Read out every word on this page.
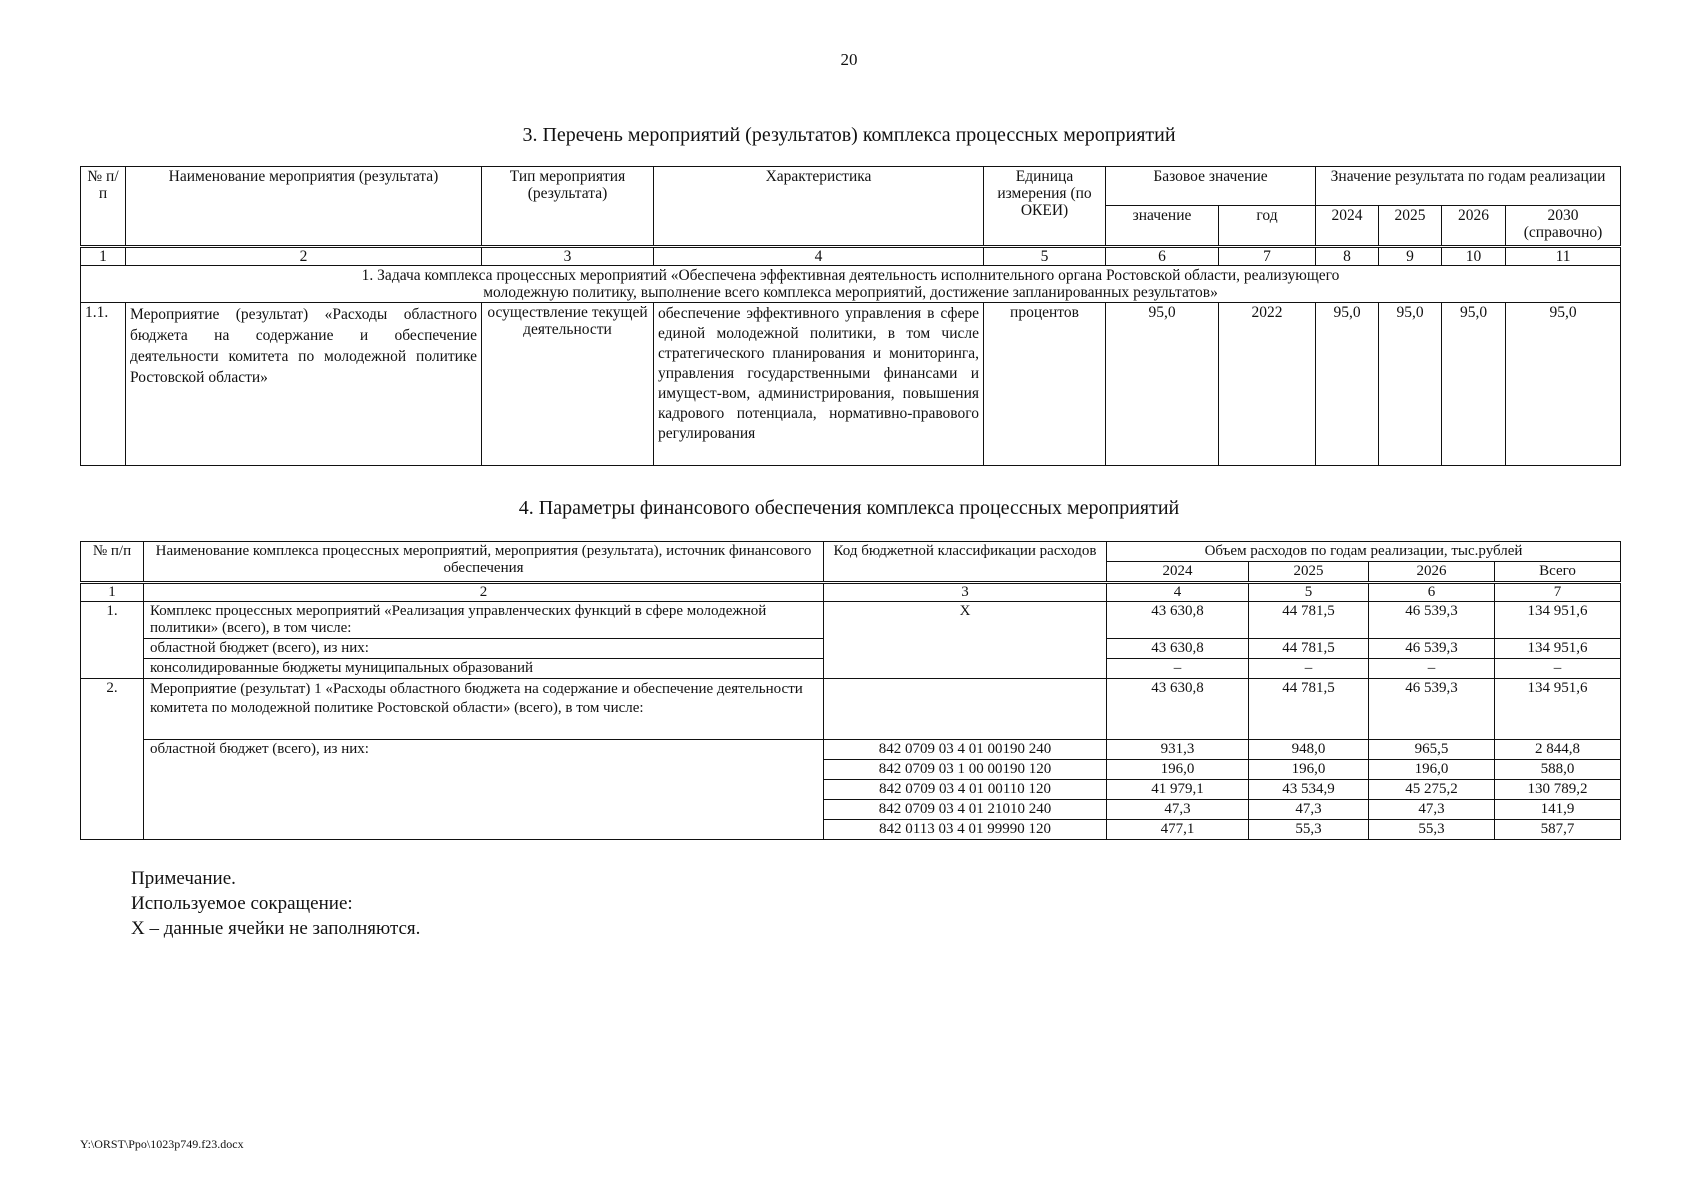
20
3. Перечень мероприятий (результатов) комплекса процессных мероприятий
№ п/п	Наименование мероприятия (результата)	Тип мероприятия (результата)	Характеристика	Единица измерения (по ОКЕИ)	Базовое значение		Значение результата по годам реализации			
					значение	год	2024	2025	2026	2030 (справочно)
1	2	3	4	5	6	7	8	9	10	11
1. Задача комплекса процессных мероприятий «Обеспечена эффективная деятельность исполнительного органа Ростовской области, реализующего молодежную политику, выполнение всего комплекса мероприятий, достижение запланированных результатов»										
1.1.	Мероприятие (результат) «Расходы областного бюджета на содержание и обеспечение деятельности комитета по молодежной политике Ростовской области»	осуществление текущей деятельности	обеспечение эффективного управления в сфере единой молодежной политики, в том числе стратегического планирования и мониторинга, управления государственными финансами и имущест-вом, администрирования, повышения кадрового потенциала, нормативно-правового регулирования	процентов	95,0	2022	95,0	95,0	95,0	95,0
4. Параметры финансового обеспечения комплекса процессных мероприятий
№ п/п	Наименование комплекса процессных мероприятий, мероприятия (результата), источник финансового обеспечения	Код бюджетной классификации расходов	Объем расходов по годам реализации, тыс.рублей			
			2024	2025	2026	Всего
1	2	3	4	5	6	7
1.	Комплекс процессных мероприятий «Реализация управленческих функций в сфере молодежной политики» (всего), в том числе:	Х	43 630,8	44 781,5	46 539,3	134 951,6
	областной бюджет (всего), из них:		43 630,8	44 781,5	46 539,3	134 951,6
	консолидированные бюджеты муниципальных образований		–	–	–	–
2.	Мероприятие (результат) 1 «Расходы областного бюджета на содержание и обеспечение деятельности комитета по молодежной политике Ростовской области» (всего), в том числе:		43 630,8	44 781,5	46 539,3	134 951,6
	областной бюджет (всего), из них:	842 0709 03 4 01 00190 240	931,3	948,0	965,5	2 844,8
		842 0709 03 1 00 00190 120	196,0	196,0	196,0	588,0
		842 0709 03 4 01 00110 120	41 979,1	43 534,9	45 275,2	130 789,2
		842 0709 03 4 01 21010 240	47,3	47,3	47,3	141,9
		842 0113 03 4 01 99990 120	477,1	55,3	55,3	587,7
Примечание.
Используемое сокращение:
Х – данные ячейки не заполняются.
Y:\ORST\Ppo\1023p749.f23.docx
